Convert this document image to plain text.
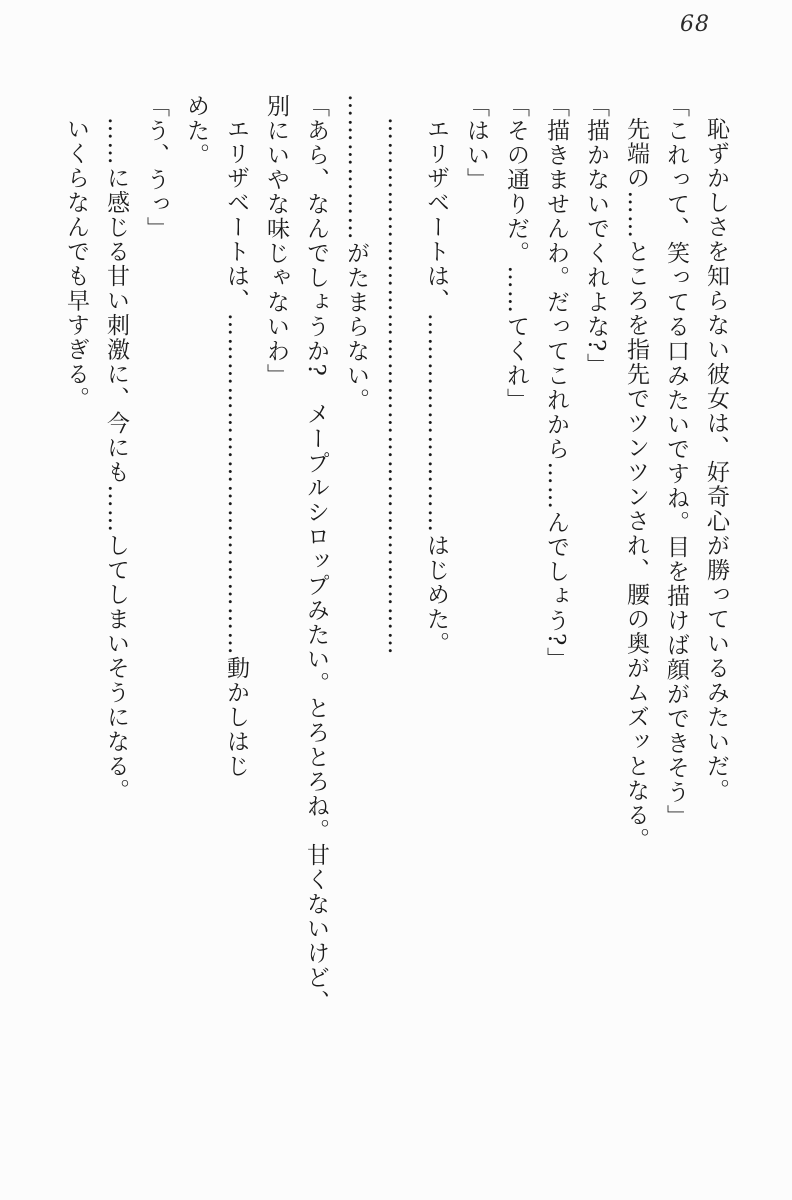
68

恥ずかしさを知らない彼女は、好奇心が勝っているみたいだ。

「これって、笑ってる口みたいですね。目を描けば顔ができそう」

先端の……ところを指先でツンツンされ、腰の奥がムズッとなる。

「描かないでくれよな?」

「描きませんわ。だってこれから……んでしょう?」

「その通りだ。……てくれ」

「はい」

エリザベートは、………………………はじめた。

…………………………………………………………

………………がたまらない。

「あら、なんでしょうか?　メープルシロップみたい。とろとろね。甘くないけど、

別にいやな味じゃないわ」

エリザベートは、……………………………………動かしはじ

めた。

「う、うっ」

……に感じる甘い刺激に、今にも……してしまいそうになる。

いくらなんでも早すぎる。
